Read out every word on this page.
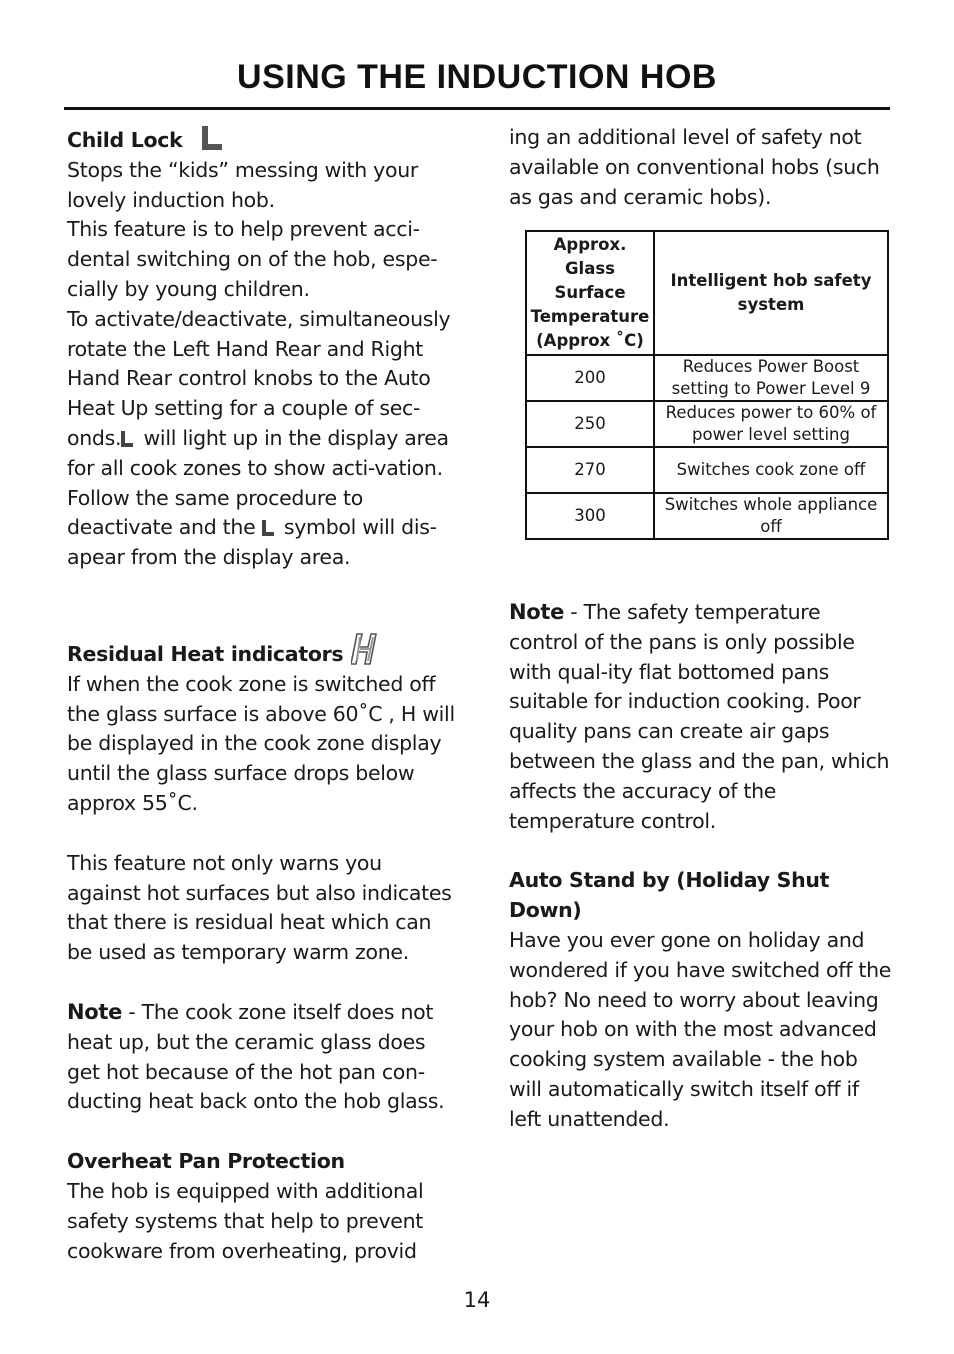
USING THE INDUCTION HOB

Child Lock

Stops the “kids” messing with your lovely induction hob.

This feature is to help prevent acci-dental switching on of the hob, espe-cially by young children.

To activate/deactivate, simultaneously rotate the Left Hand Rear and Right Hand Rear control knobs to the Auto Heat Up setting for a couple of sec-onds. will light up in the display area for all cook zones to show acti-vation. Follow the same procedure to deactivate and the  symbol will dis-apear from the display area.

Residual Heat indicators

If when the cook zone is switched off the glass surface is above 60˚C , H will be displayed in the cook zone display until the glass surface drops below approx 55˚C.

This feature not only warns you against hot surfaces but also indicates that there is residual heat which can be used as temporary warm zone.

Note - The cook zone itself does not heat up, but the ceramic glass does get hot because of the hot pan con-ducting heat back onto the hob glass.

Overheat Pan Protection

The hob is equipped with additional safety systems that help to prevent cookware from overheating, provid

ing an additional level of safety not available on conventional hobs (such as gas and ceramic hobs).

Approx. Glass Surface Temperature (Approx ˚C)	Intelligent hob safety system
200	Reduces Power Boost setting to Power Level 9
250	Reduces power to 60% of power level setting
270	Switches cook zone off
300	Switches whole appliance off

Note - The safety temperature control of the pans is only possible with qual-ity flat bottomed pans suitable for induction cooking. Poor quality pans can create air gaps between the glass and the pan, which affects the accuracy of the temperature control.

Auto Stand by (Holiday Shut Down)

Have you ever gone on holiday and wondered if you have switched off the hob? No need to worry about leaving your hob on with the most advanced cooking system available - the hob will automatically switch itself off if left unattended.

14
